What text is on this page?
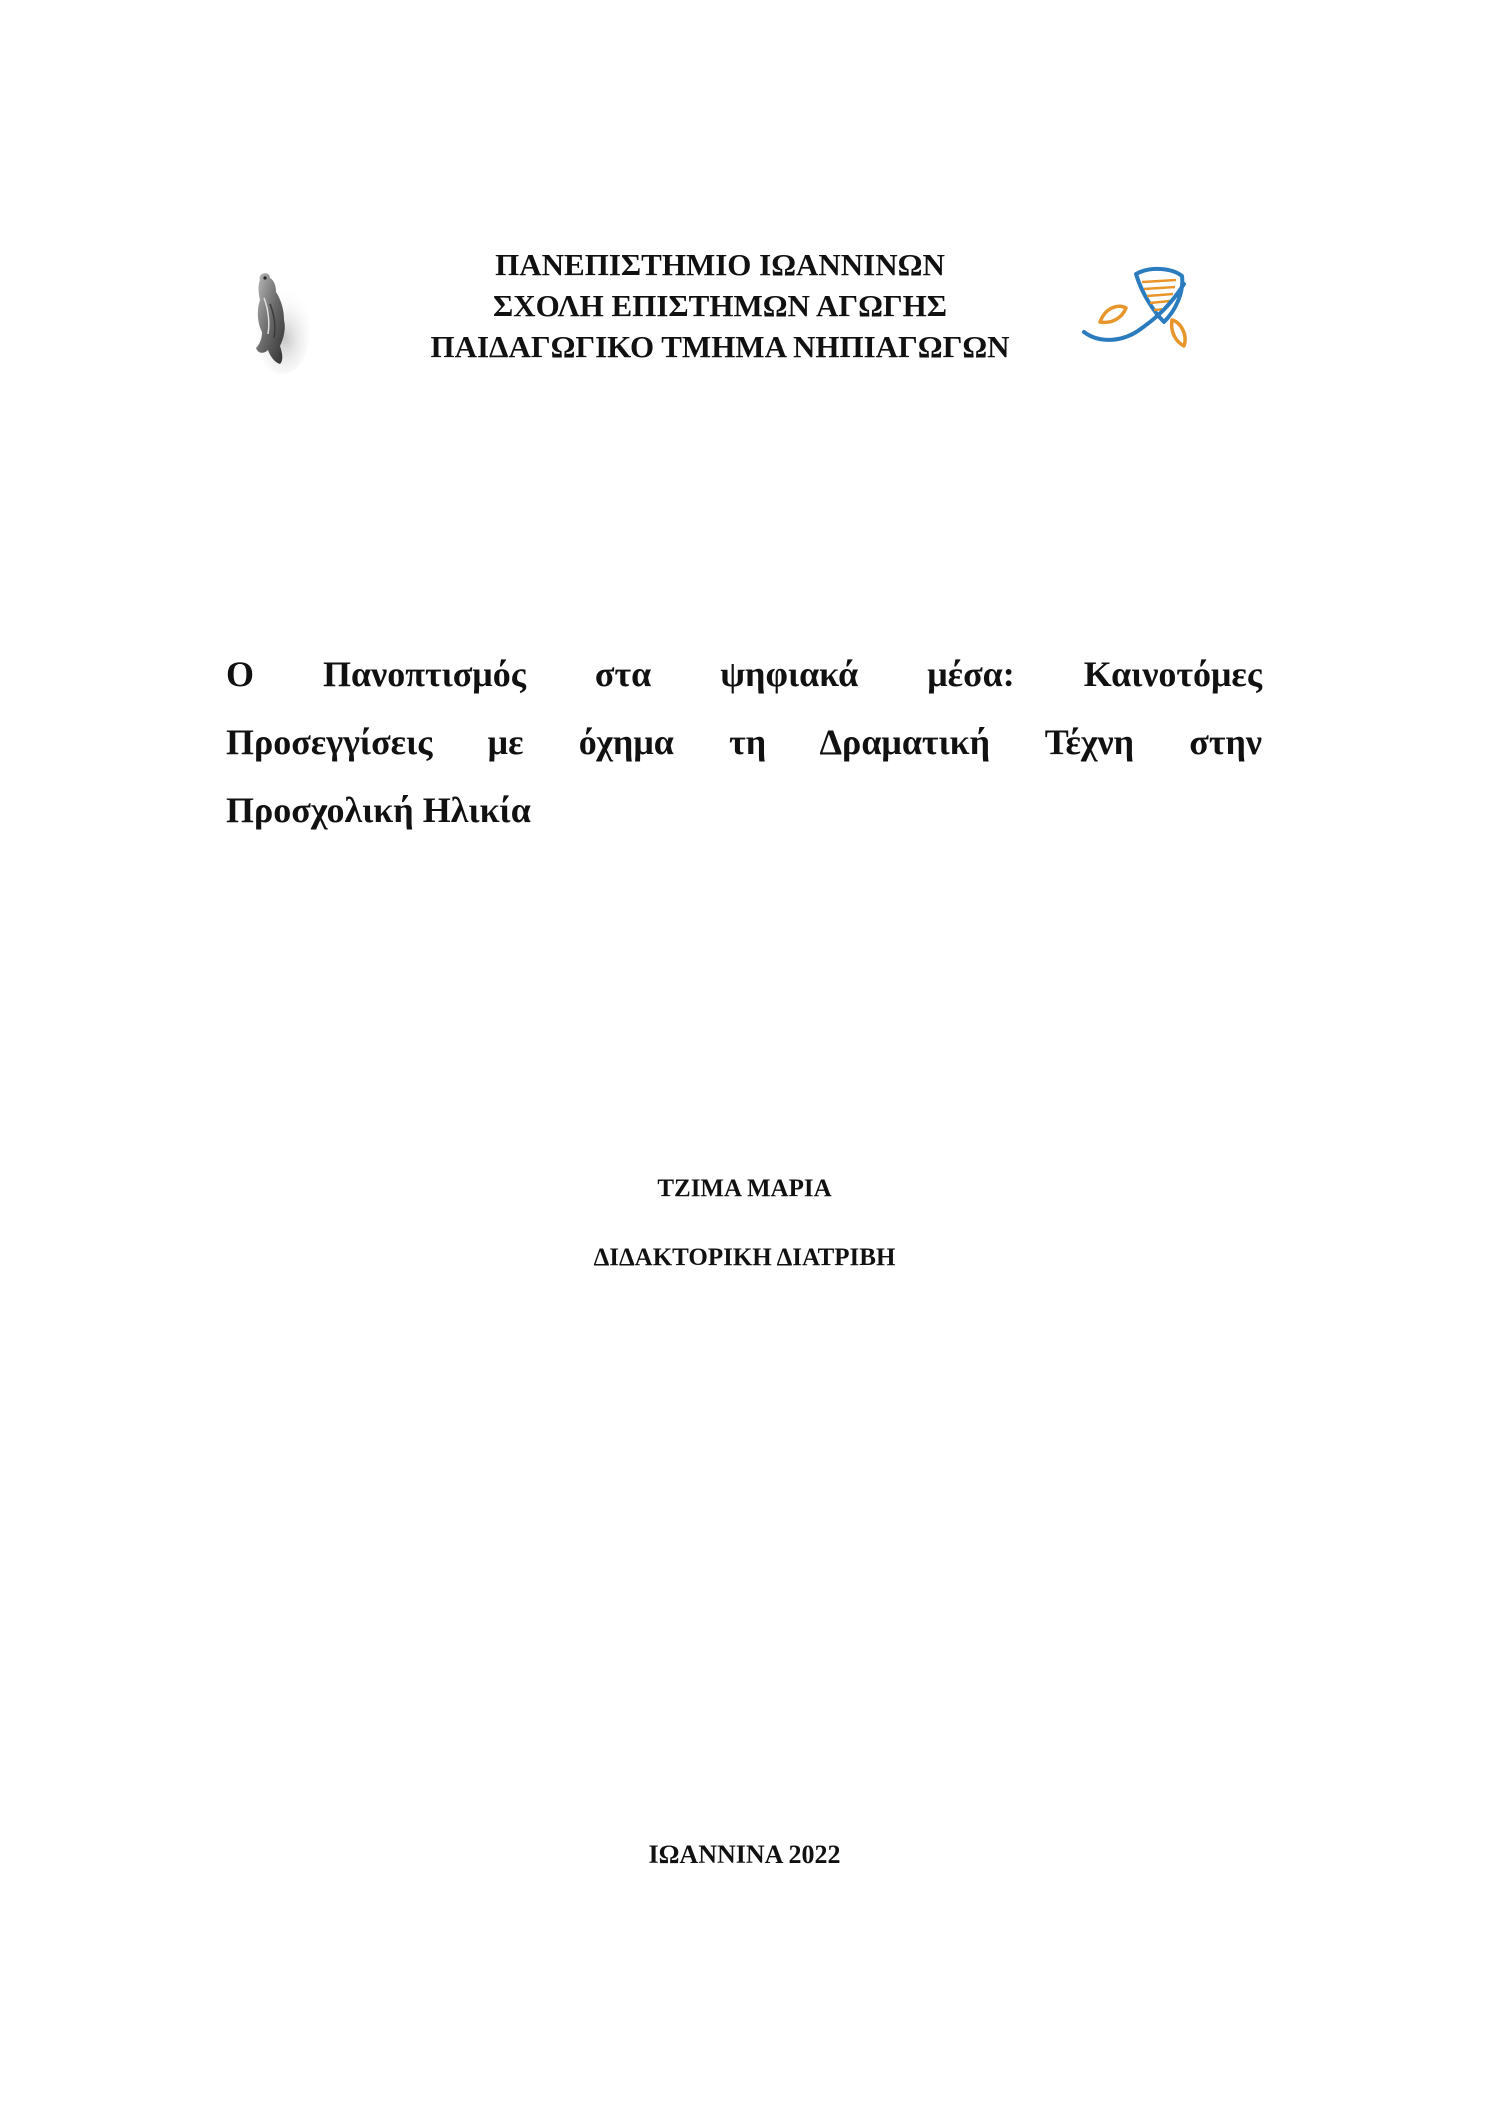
ΠΑΝΕΠΙΣΤΗΜΙΟ ΙΩΑΝΝΙΝΩΝ
ΣΧΟΛΗ ΕΠΙΣΤΗΜΩΝ ΑΓΩΓΗΣ
ΠΑΙΔΑΓΩΓΙΚΟ ΤΜΗΜΑ ΝΗΠΙΑΓΩΓΩΝ
Ο Πανοπτισμός στα ψηφιακά μέσα: Καινοτόμες
Προσεγγίσεις με όχημα τη Δραματική Τέχνη στην
Προσχολική Ηλικία
ΤΖΙΜΑ ΜΑΡΙΑ
ΔΙΔΑΚΤΟΡΙΚΗ ΔΙΑΤΡΙΒΗ
ΙΩΑΝΝΙΝΑ 2022
